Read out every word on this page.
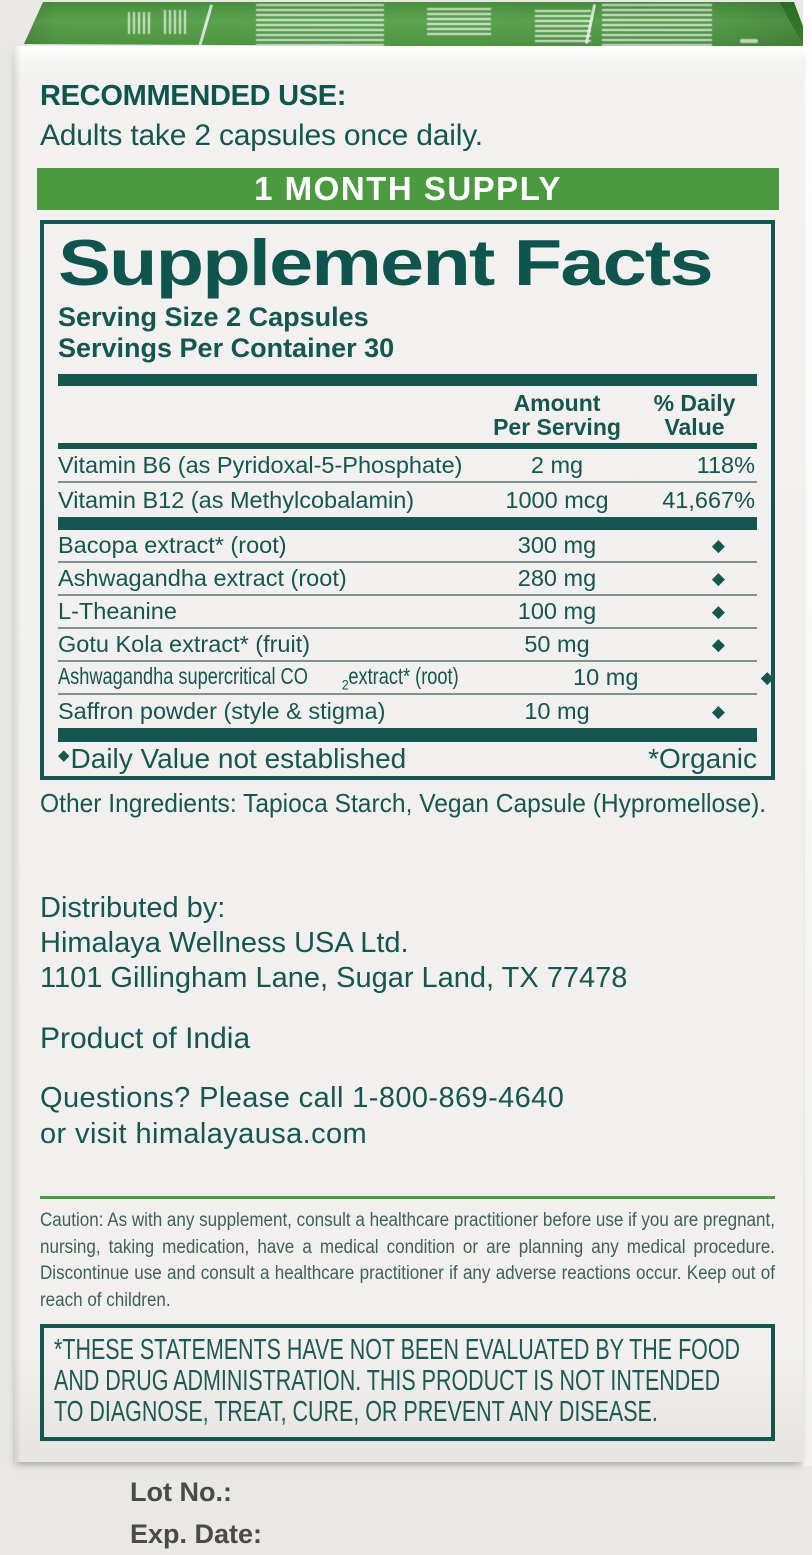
RECOMMENDED USE:
Adults take 2 capsules once daily.
1 MONTH SUPPLY
Supplement Facts
Serving Size 2 Capsules
Servings Per Container 30
Amount
Per Serving
% Daily
Value
Vitamin B6 (as Pyridoxal-5-Phosphate)	2 mg	118%
Vitamin B12 (as Methylcobalamin)	1000 mcg	41,667%
Bacopa extract* (root)	300 mg	◆
Ashwagandha extract (root)	280 mg	◆
L-Theanine	100 mg	◆
Gotu Kola extract* (fruit)	50 mg	◆
Ashwagandha supercritical CO $_2$extract* (root)	10 mg	◆
Saffron powder (style & stigma)	10 mg	◆
◆Daily Value not established	*Organic
Other Ingredients: Tapioca Starch, Vegan Capsule (Hypromellose).
Distributed by:
Himalaya Wellness USA Ltd.
1101 Gillingham Lane, Sugar Land, TX 77478
Product of India
Questions? Please call 1-800-869-4640
or visit himalayausa.com
Caution: As with any supplement, consult a healthcare practitioner before use if you are pregnant, nursing, taking medication, have a medical condition or are planning any medical procedure. Discontinue use and consult a healthcare practitioner if any adverse reactions occur. Keep out of reach of children.
*THESE STATEMENTS HAVE NOT BEEN EVALUATED BY THE FOOD
AND DRUG ADMINISTRATION. THIS PRODUCT IS NOT INTENDED
TO DIAGNOSE, TREAT, CURE, OR PREVENT ANY DISEASE.
Lot No.:
Exp. Date:
